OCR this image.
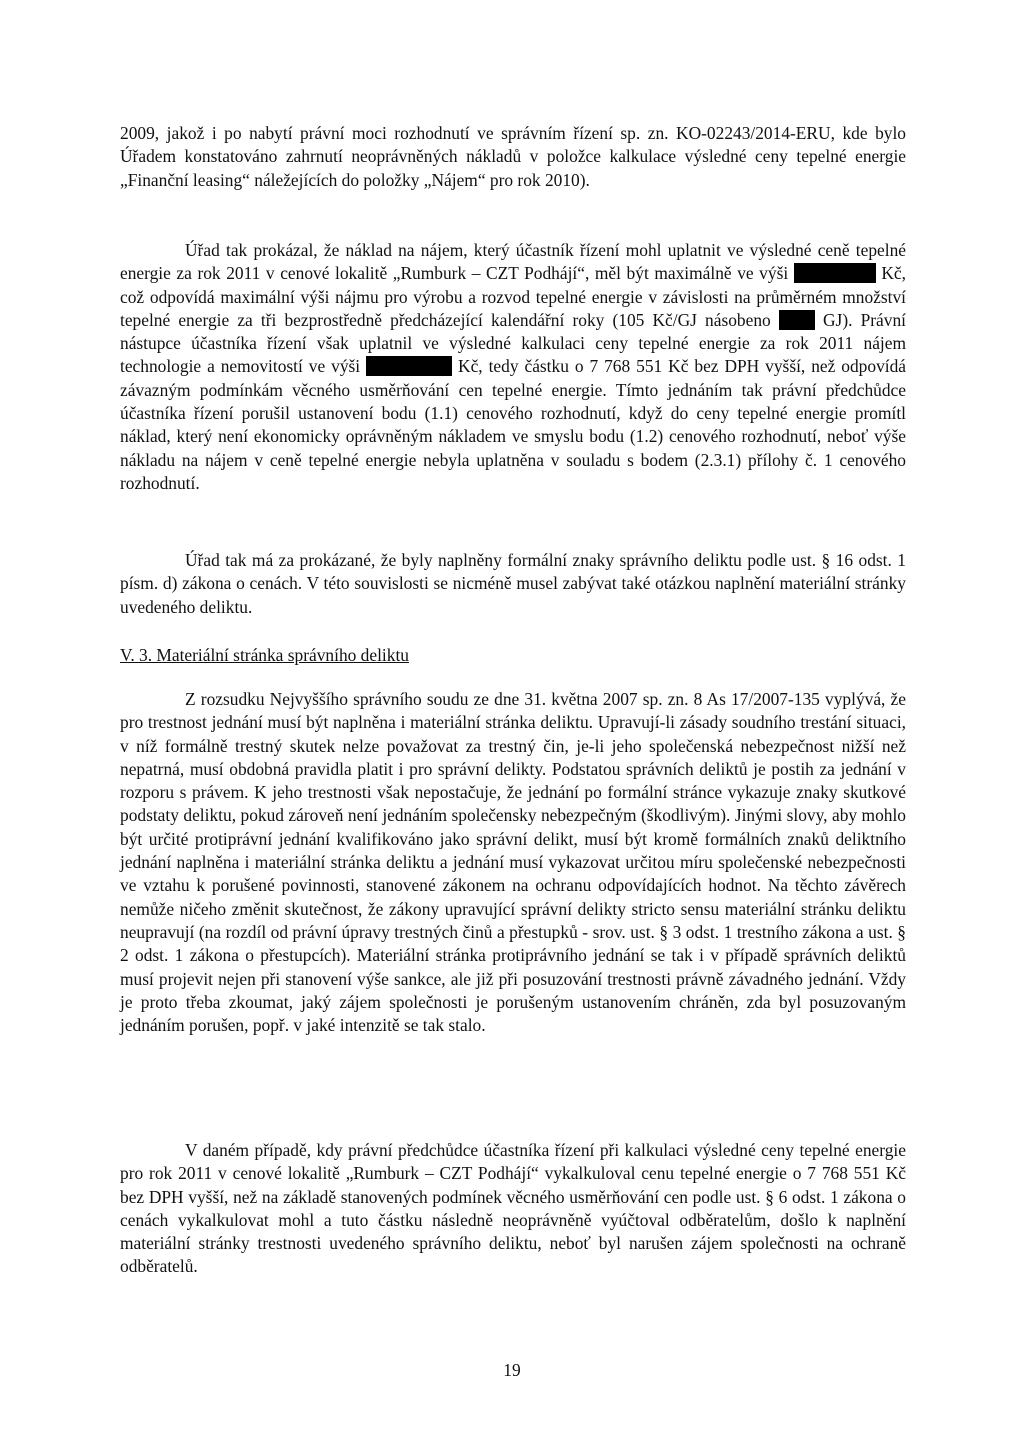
2009, jakož i po nabytí právní moci rozhodnutí ve správním řízení sp. zn. KO-02243/2014-ERU, kde bylo Úřadem konstatováno zahrnutí neoprávněných nákladů v položce kalkulace výsledné ceny tepelné energie „Finanční leasing“ náležejících do položky „Nájem“ pro rok 2010).

Úřad tak prokázal, že náklad na nájem, který účastník řízení mohl uplatnit ve výsledné ceně tepelné energie za rok 2011 v cenové lokalitě „Rumburk – CZT Podhájí“, měl být maximálně ve výši	Kč, což odpovídá maximální výši nájmu pro výrobu a rozvod tepelné energie v závislosti na průměrném množství tepelné energie za tři bezprostředně předcházející kalendářní roky (105 Kč/GJ násobeno	GJ). Právní nástupce účastníka řízení však uplatnil ve výsledné kalkulaci ceny tepelné energie za rok 2011 nájem technologie a nemovitostí ve výši	Kč, tedy částku o 7 768 551 Kč bez DPH vyšší, než odpovídá závazným podmínkám věcného usměrňování cen tepelné energie. Tímto jednáním tak právní předchůdce účastníka řízení porušil ustanovení bodu (1.1) cenového rozhodnutí, když do ceny tepelné energie promítl náklad, který není ekonomicky oprávněným nákladem ve smyslu bodu (1.2) cenového rozhodnutí, neboť výše nákladu na nájem v ceně tepelné energie nebyla uplatněna v souladu s bodem (2.3.1) přílohy č. 1 cenového rozhodnutí.

Úřad tak má za prokázané, že byly naplněny formální znaky správního deliktu podle ust. § 16 odst. 1 písm. d) zákona o cenách. V této souvislosti se nicméně musel zabývat také otázkou naplnění materiální stránky uvedeného deliktu.

V. 3. Materiální stránka správního deliktu

Z rozsudku Nejvyššího správního soudu ze dne 31. května 2007 sp. zn. 8 As 17/2007-135 vyplývá, že pro trestnost jednání musí být naplněna i materiální stránka deliktu. Upravují-li zásady soudního trestání situaci, v níž formálně trestný skutek nelze považovat za trestný čin, je-li jeho společenská nebezpečnost nižší než nepatrná, musí obdobná pravidla platit i pro správní delikty. Podstatou správních deliktů je postih za jednání v rozporu s právem. K jeho trestnosti však nepostačuje, že jednání po formální stránce vykazuje znaky skutkové podstaty deliktu, pokud zároveň není jednáním společensky nebezpečným (škodlivým). Jinými slovy, aby mohlo být určité protiprávní jednání kvalifikováno jako správní delikt, musí být kromě formálních znaků deliktního jednání naplněna i materiální stránka deliktu a jednání musí vykazovat určitou míru společenské nebezpečnosti ve vztahu k porušené povinnosti, stanovené zákonem na ochranu odpovídajících hodnot. Na těchto závěrech nemůže ničeho změnit skutečnost, že zákony upravující správní delikty stricto sensu materiální stránku deliktu neupravují (na rozdíl od právní úpravy trestných činů a přestupků - srov. ust. § 3 odst. 1 trestního zákona a ust. § 2 odst. 1 zákona o přestupcích). Materiální stránka protiprávního jednání se tak i v případě správních deliktů musí projevit nejen při stanovení výše sankce, ale již při posuzování trestnosti právně závadného jednání. Vždy je proto třeba zkoumat, jaký zájem společnosti je porušeným ustanovením chráněn, zda byl posuzovaným jednáním porušen, popř. v jaké intenzitě se tak stalo.

V daném případě, kdy právní předchůdce účastníka řízení při kalkulaci výsledné ceny tepelné energie pro rok 2011 v cenové lokalitě „Rumburk – CZT Podhájí“ vykalkuloval cenu tepelné energie o 7 768 551 Kč bez DPH vyšší, než na základě stanovených podmínek věcného usměrňování cen podle ust. § 6 odst. 1 zákona o cenách vykalkulovat mohl a tuto částku následně neoprávněně vyúčtoval odběratelům, došlo k naplnění materiální stránky trestnosti uvedeného správního deliktu, neboť byl narušen zájem společnosti na ochraně odběratelů.

19
